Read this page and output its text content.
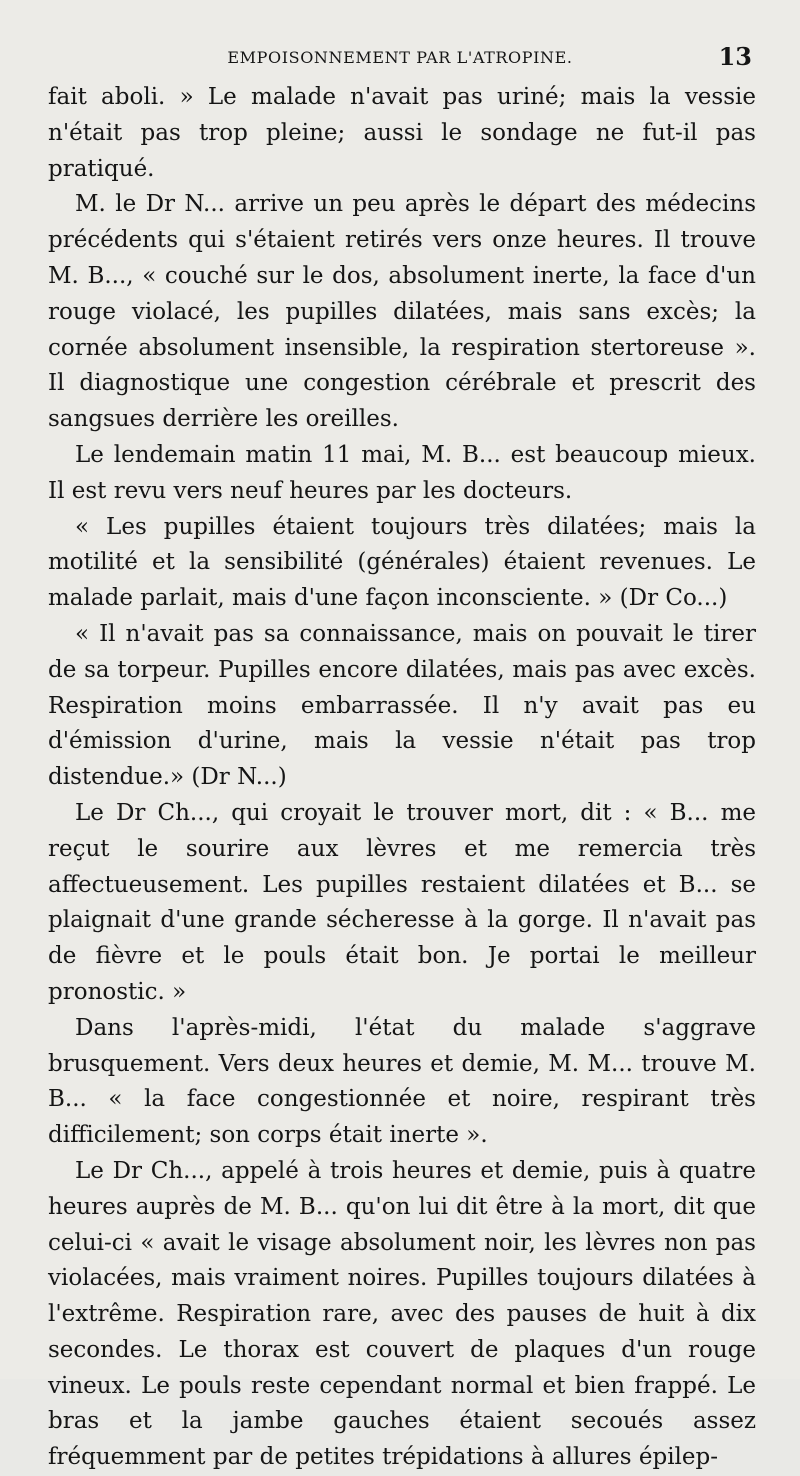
EMPOISONNEMENT PAR L'ATROPINE.	13

fait aboli. » Le malade n'avait pas uriné; mais la vessie n'était pas trop pleine; aussi le sondage ne fut-il pas pratiqué.

M. le Dr N... arrive un peu après le départ des médecins précédents qui s'étaient retirés vers onze heures. Il trouve M. B..., « couché sur le dos, absolument inerte, la face d'un rouge violacé, les pupilles dilatées, mais sans excès; la cornée absolument insensible, la respiration stertoreuse ». Il diagnostique une congestion cérébrale et prescrit des sangsues derrière les oreilles.

Le lendemain matin 11 mai, M. B... est beaucoup mieux. Il est revu vers neuf heures par les docteurs.

« Les pupilles étaient toujours très dilatées; mais la motilité et la sensibilité (générales) étaient revenues. Le malade parlait, mais d'une façon inconsciente. » (Dr Co...)

« Il n'avait pas sa connaissance, mais on pouvait le tirer de sa torpeur. Pupilles encore dilatées, mais pas avec excès. Respiration moins embarrassée. Il n'y avait pas eu d'émission d'urine, mais la vessie n'était pas trop distendue.» (Dr N...)

Le Dr Ch..., qui croyait le trouver mort, dit : « B... me reçut le sourire aux lèvres et me remercia très affectueusement. Les pupilles restaient dilatées et B... se plaignait d'une grande sécheresse à la gorge. Il n'avait pas de fièvre et le pouls était bon. Je portai le meilleur pronostic. »

Dans l'après-midi, l'état du malade s'aggrave brusquement. Vers deux heures et demie, M. M... trouve M. B... « la face congestionnée et noire, respirant très difficilement; son corps était inerte ».

Le Dr Ch..., appelé à trois heures et demie, puis à quatre heures auprès de M. B... qu'on lui dit être à la mort, dit que celui-ci « avait le visage absolument noir, les lèvres non pas violacées, mais vraiment noires. Pupilles toujours dilatées à l'extrême. Respiration rare, avec des pauses de huit à dix secondes. Le thorax est couvert de plaques d'un rouge vineux. Le pouls reste cependant normal et bien frappé. Le bras et la jambe gauches étaient secoués assez fréquemment par de petites trépidations à allures épilep-
